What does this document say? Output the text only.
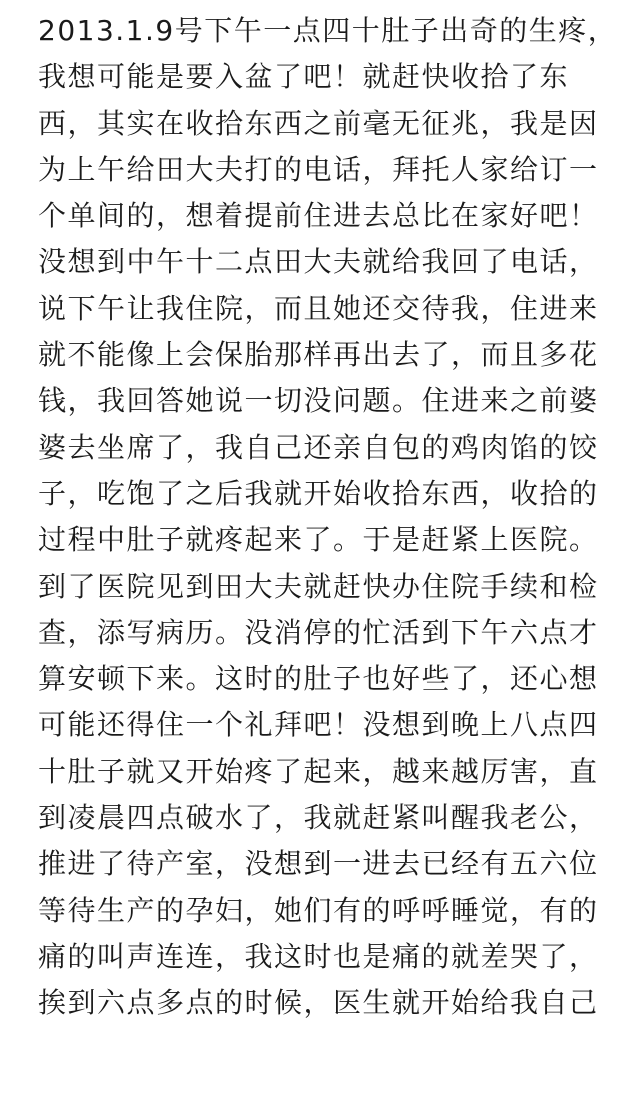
2013.1.9号下午一点四十肚子出奇的生疼，
我想可能是要入盆了吧！就赶快收拾了东
西，其实在收拾东西之前毫无征兆，我是因
为上午给田大夫打的电话，拜托人家给订一
个单间的，想着提前住进去总比在家好吧！
没想到中午十二点田大夫就给我回了电话，
说下午让我住院，而且她还交待我，住进来
就不能像上会保胎那样再出去了，而且多花
钱，我回答她说一切没问题。住进来之前婆
婆去坐席了，我自己还亲自包的鸡肉馅的饺
子，吃饱了之后我就开始收拾东西，收拾的
过程中肚子就疼起来了。于是赶紧上医院。
到了医院见到田大夫就赶快办住院手续和检
查，添写病历。没消停的忙活到下午六点才
算安顿下来。这时的肚子也好些了，还心想
可能还得住一个礼拜吧！没想到晚上八点四
十肚子就又开始疼了起来，越来越厉害，直
到凌晨四点破水了，我就赶紧叫醒我老公，
推进了待产室，没想到一进去已经有五六位
等待生产的孕妇，她们有的呼呼睡觉，有的
痛的叫声连连，我这时也是痛的就差哭了，
挨到六点多点的时候，医生就开始给我自己
